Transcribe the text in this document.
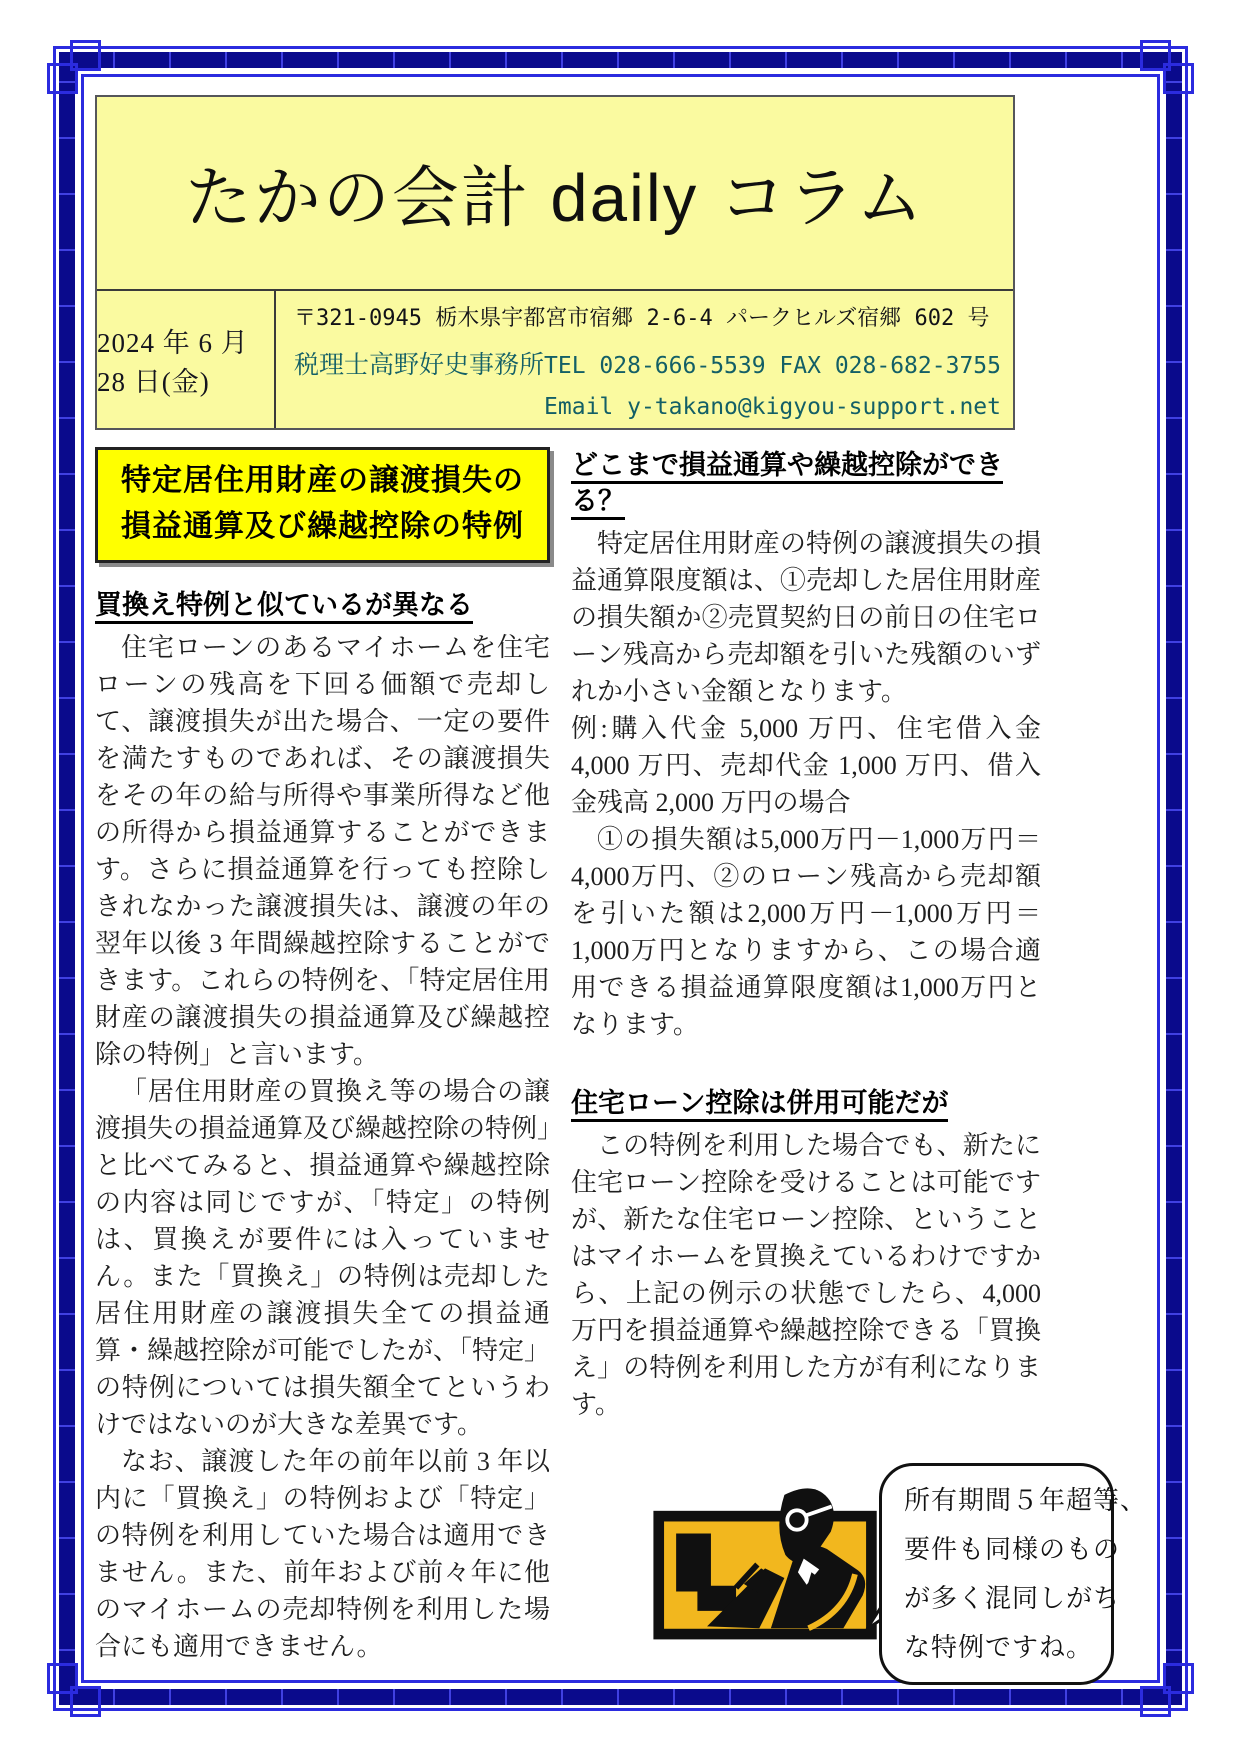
たかの会計 daily コラム
2024 年 6 月 28 日(金)
〒321-0945 栃木県宇都宮市宿郷 2-6-4 パークヒルズ宿郷 602 号
税理士高野好史事務所 TEL 028-666-5539 FAX 028-682-3755
Email y-takano@kigyou-support.net
特定居住用財産の譲渡損失の
損益通算及び繰越控除の特例
買換え特例と似ているが異なる

住宅ローンのあるマイホームを住宅ローンの残高を下回る価額で売却して、譲渡損失が出た場合、一定の要件を満たすものであれば、その譲渡損失をその年の給与所得や事業所得など他の所得から損益通算することができます。さらに損益通算を行っても控除しきれなかった譲渡損失は、譲渡の年の翌年以後 3 年間繰越控除することができます。これらの特例を、「特定居住用財産の譲渡損失の損益通算及び繰越控除の特例」と言います。

「居住用財産の買換え等の場合の譲渡損失の損益通算及び繰越控除の特例」と比べてみると、損益通算や繰越控除の内容は同じですが、「特定」の特例は、買換えが要件には入っていません。また「買換え」の特例は売却した居住用財産の譲渡損失全ての損益通算・繰越控除が可能でしたが、「特定」の特例については損失額全てというわけではないのが大きな差異です。

なお、譲渡した年の前年以前 3 年以内に「買換え」の特例および「特定」の特例を利用していた場合は適用できません。また、前年および前々年に他のマイホームの売却特例を利用した場合にも適用できません。

どこまで損益通算や繰越控除ができる？

特定居住用財産の特例の譲渡損失の損益通算限度額は、①売却した居住用財産の損失額か②売買契約日の前日の住宅ローン残高から売却額を引いた残額のいずれか小さい金額となります。

例:購入代金 5,000 万円、住宅借入金 4,000 万円、売却代金 1,000 万円、借入金残高 2,000 万円の場合

①の損失額は5,000万円－1,000万円＝4,000万円、②のローン残高から売却額を引いた額は2,000万円－1,000万円＝1,000万円となりますから、この場合適用できる損益通算限度額は1,000万円となります。

住宅ローン控除は併用可能だが

この特例を利用した場合でも、新たに住宅ローン控除を受けることは可能ですが、新たな住宅ローン控除、ということはマイホームを買換えているわけですから、上記の例示の状態でしたら、4,000 万円を損益通算や繰越控除できる「買換え」の特例を利用した方が有利になります。

所有期間５年超等、
要件も同様のもの
が多く混同しがち
な特例ですね。
